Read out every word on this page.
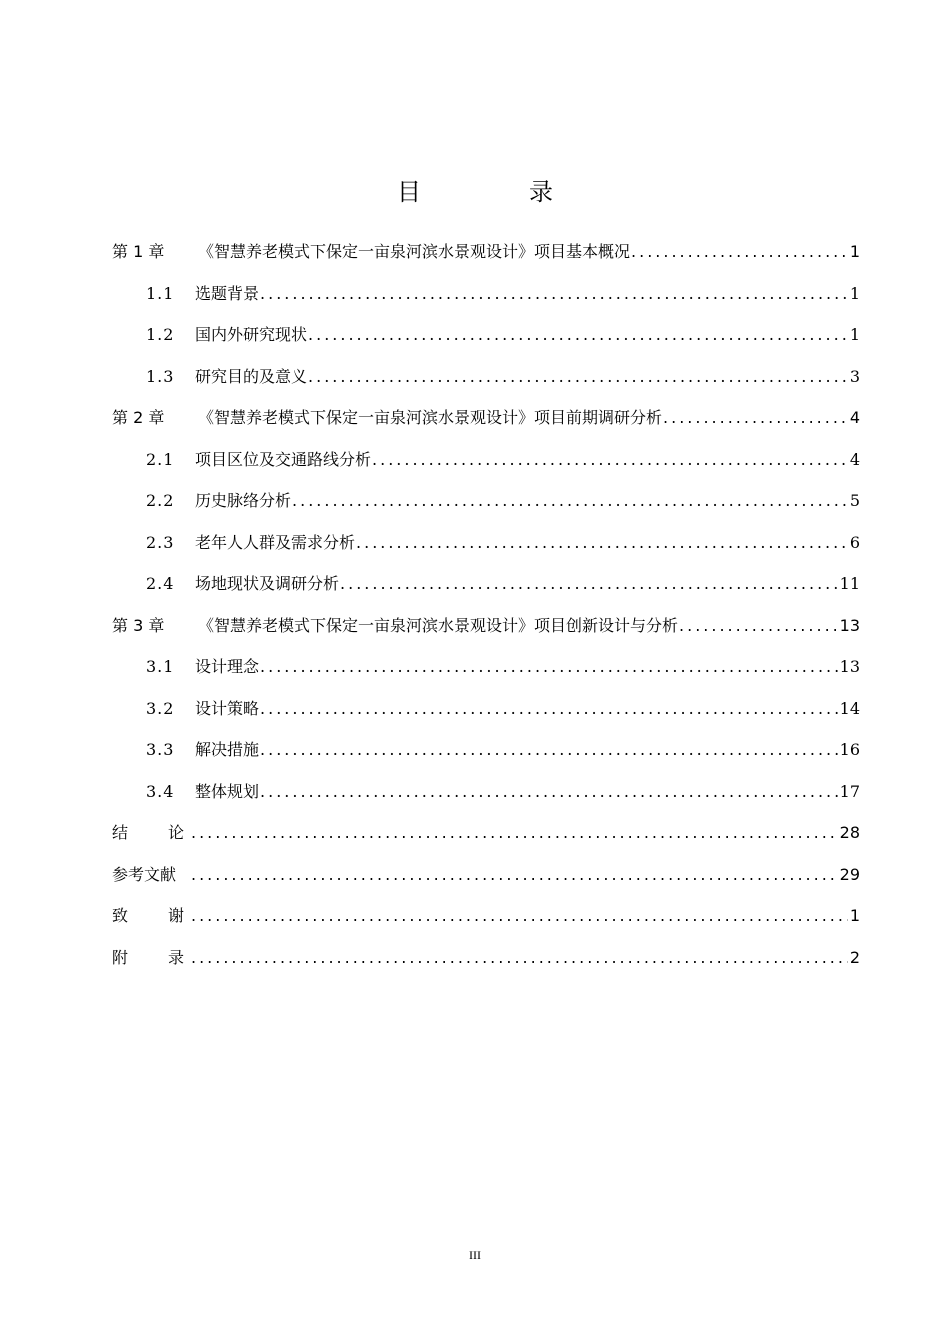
目　录
第 1 章	《智慧养老模式下保定一亩泉河滨水景观设计》项目基本概况 .....	1
1.1	选题背景 .....	1
1.2	国内外研究现状 .....	1
1.3	研究目的及意义 .....	3
第 2 章	《智慧养老模式下保定一亩泉河滨水景观设计》项目前期调研分析 .....	4
2.1	项目区位及交通路线分析 .....	4
2.2	历史脉络分析 .....	5
2.3	老年人人群及需求分析 .....	6
2.4	场地现状及调研分析 .....	11
第 3 章	《智慧养老模式下保定一亩泉河滨水景观设计》项目创新设计与分析 .....	13
3.1	设计理念 .....	13
3.2	设计策略 .....	14
3.3	解决措施 .....	16
3.4	整体规划 .....	17
结论 .....	28
参考文献 .....	29
致谢 .....	1
附录 .....	2
III
